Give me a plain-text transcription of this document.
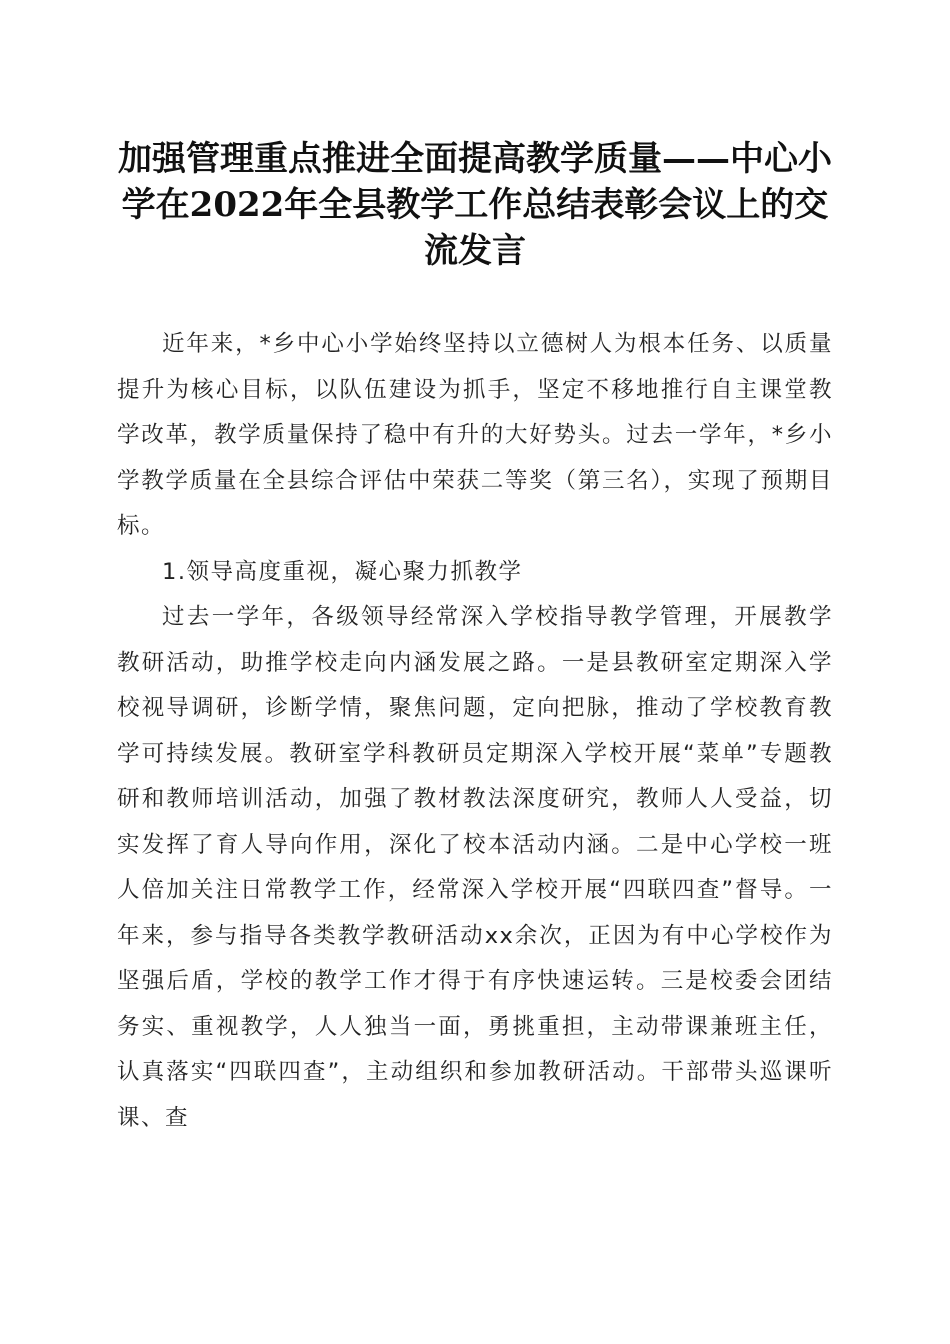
加强管理重点推进全面提高教学质量——中心小学在2022年全县教学工作总结表彰会议上的交流发言

近年来，*乡中心小学始终坚持以立德树人为根本任务、以质量提升为核心目标，以队伍建设为抓手，坚定不移地推行自主课堂教学改革，教学质量保持了稳中有升的大好势头。过去一学年，*乡小学教学质量在全县综合评估中荣获二等奖（第三名），实现了预期目标。

1.领导高度重视，凝心聚力抓教学

过去一学年，各级领导经常深入学校指导教学管理，开展教学教研活动，助推学校走向内涵发展之路。一是县教研室定期深入学校视导调研，诊断学情，聚焦问题，定向把脉，推动了学校教育教学可持续发展。教研室学科教研员定期深入学校开展“菜单”专题教研和教师培训活动，加强了教材教法深度研究，教师人人受益，切实发挥了育人导向作用，深化了校本活动内涵。二是中心学校一班人倍加关注日常教学工作，经常深入学校开展“四联四查”督导。一年来，参与指导各类教学教研活动xx余次，正因为有中心学校作为坚强后盾，学校的教学工作才得于有序快速运转。三是校委会团结务实、重视教学，人人独当一面，勇挑重担，主动带课兼班主任，认真落实“四联四查”，主动组织和参加教研活动。干部带头巡课听课、查
